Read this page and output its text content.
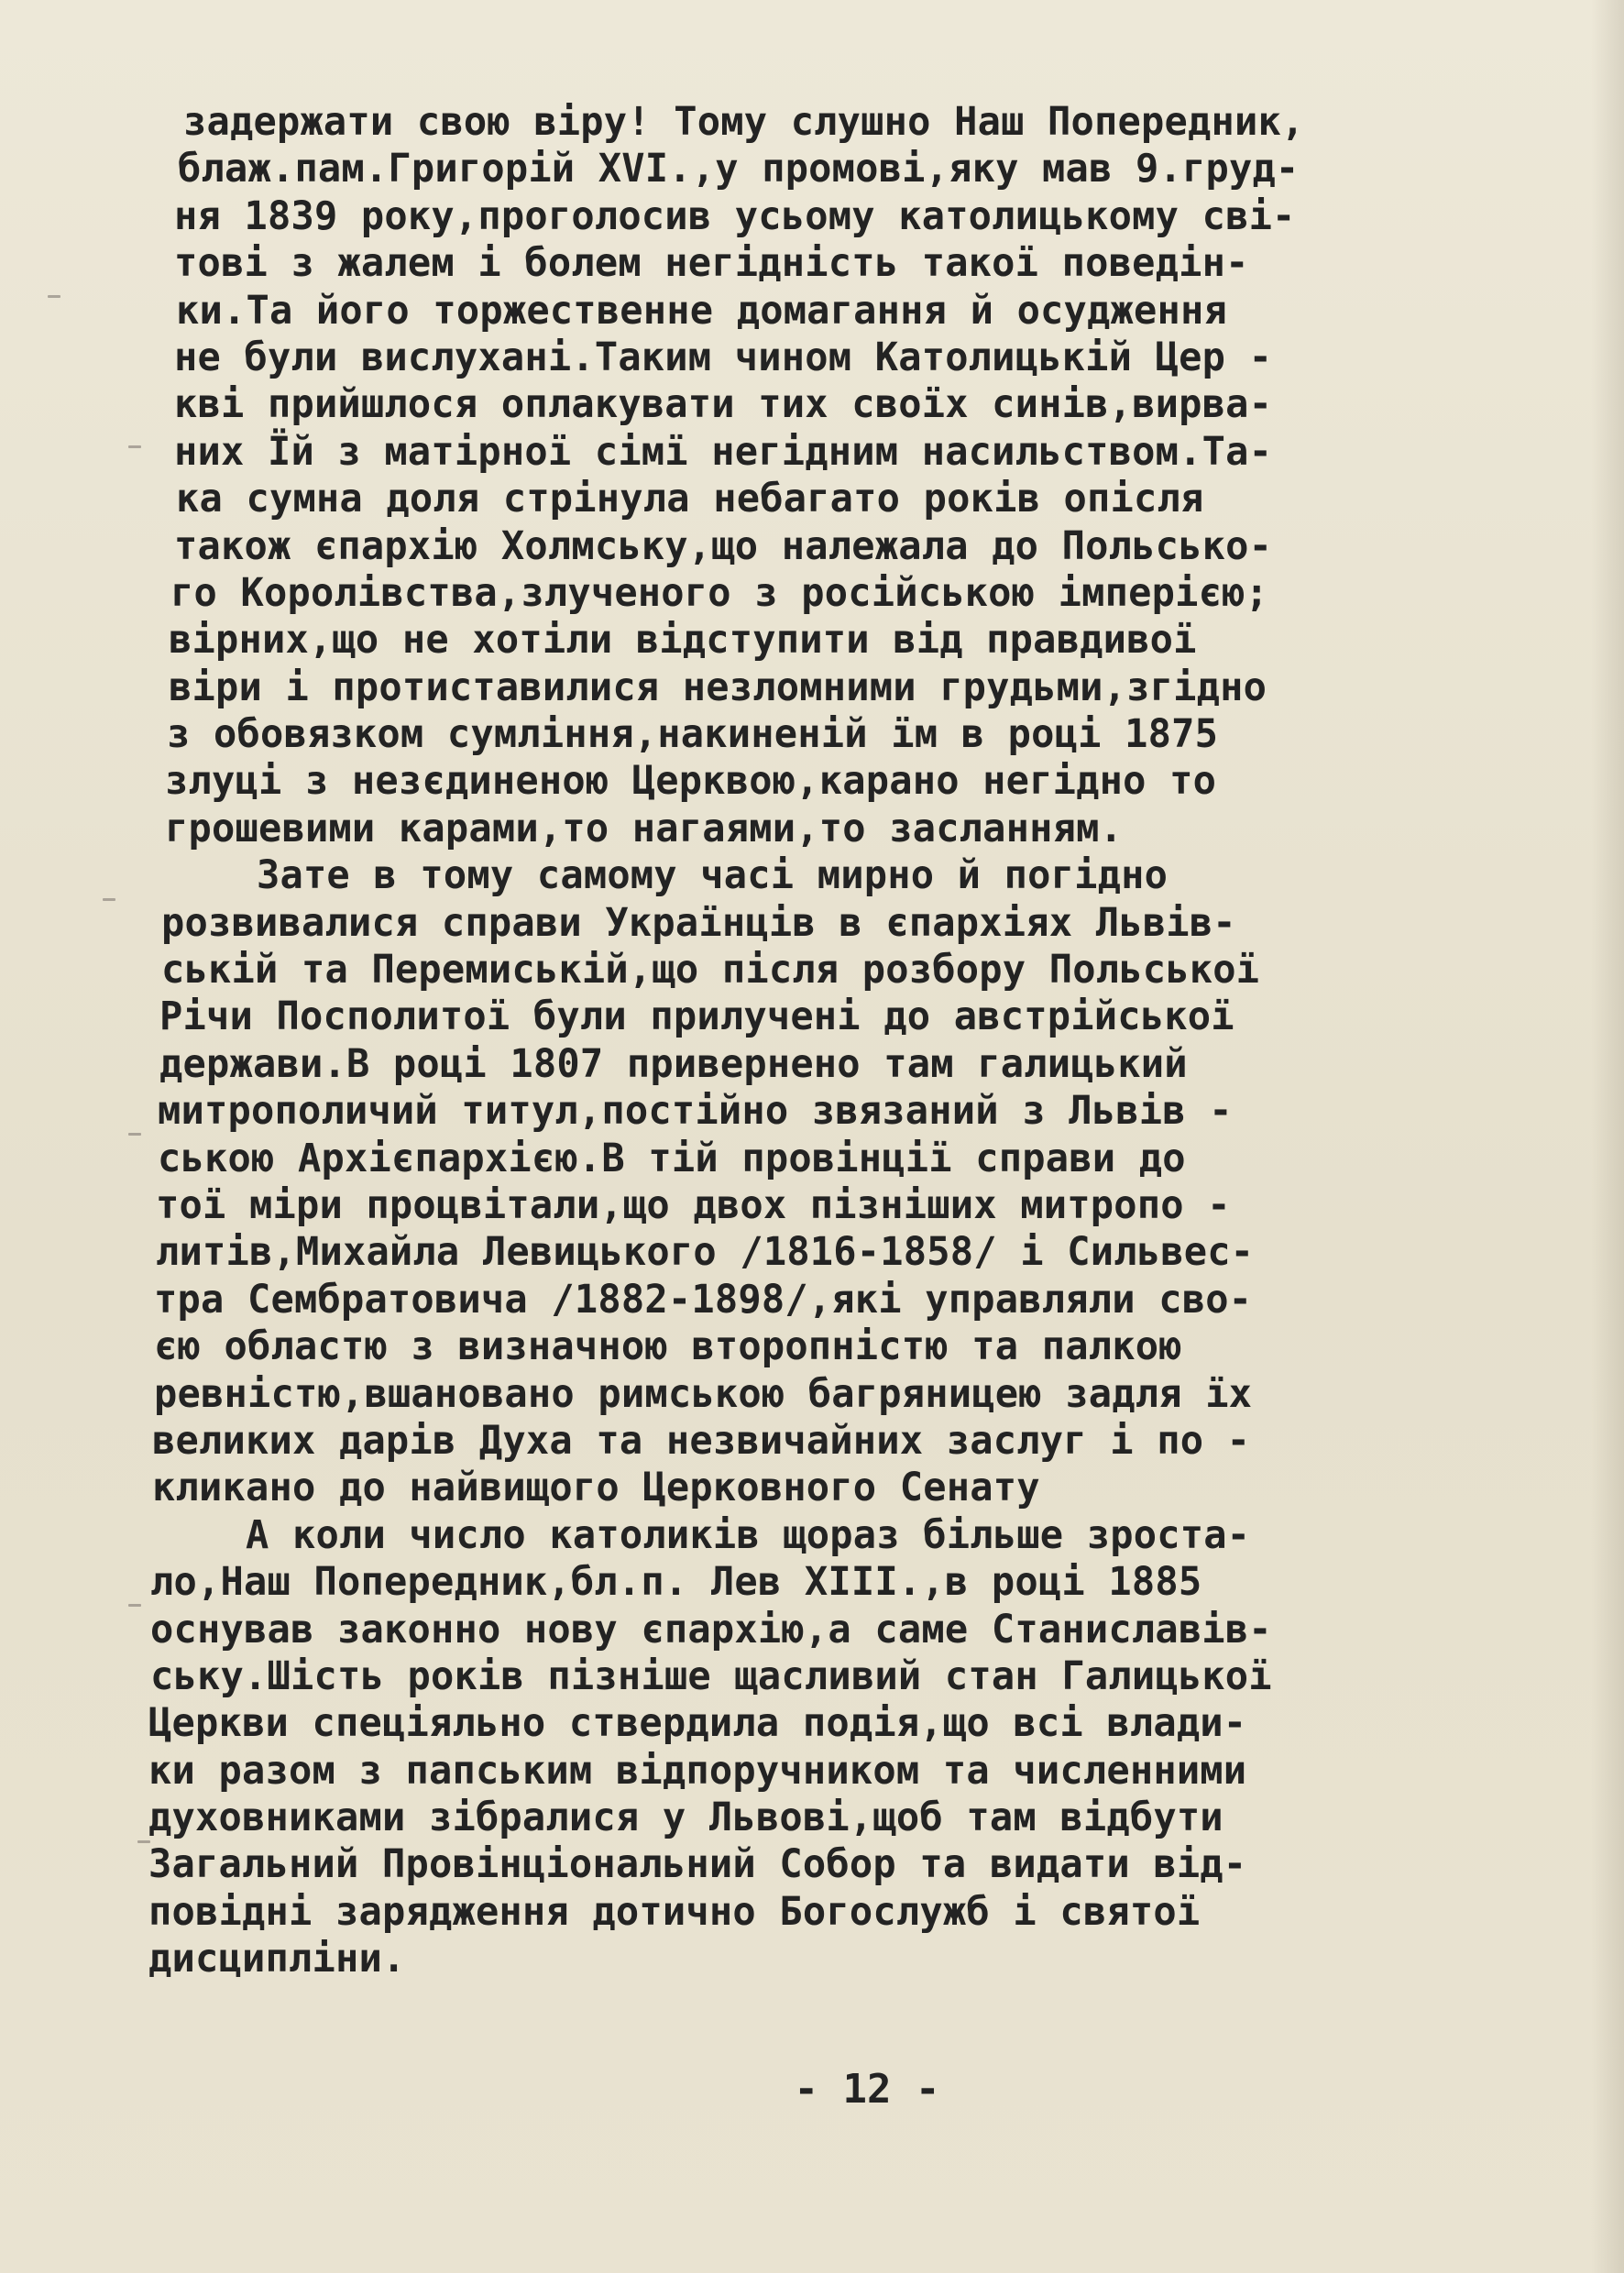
задержати свою віру! Тому слушно Наш Попередник,
блаж.пам.Григорій XVI.,у промові,яку мав 9.груд-
ня 1839 року,проголосив усьому католицькому сві-
тові з жалем і болем негідність такої поведін-
ки.Та його торжественне домагання й осудження
не були вислухані.Таким чином Католицькій Цер -
кві прийшлося оплакувати тих своїх синів,вирва-
них Їй з матірної сімї негідним насильством.Та-
ка сумна доля стрінула небагато років опісля
також єпархію Холмську,що належала до Польсько-
го Королівства,злученого з російською імперією;
вірних,що не хотіли відступити від правдивої
віри і протиставилися незломними грудьми,згідно
з обовязком сумління,накиненій їм в році 1875
злуці з незєдиненою Церквою,карано негідно то
грошевими карами,то нагаями,то засланням.
Зате в тому самому часі мирно й погідно
розвивалися справи Українців в єпархіях Львів-
ській та Перемиській,що після розбору Польської
Річи Посполитої були прилучені до австрійської
держави.В році 1807 привернено там галицький
митрополичий титул,постійно звязаний з Львів -
ською Архієпархією.В тій провінції справи до
тої міри процвітали,що двох пізніших митропо -
литів,Михайла Левицького /1816-1858/ і Сильвес-
тра Сембратовича /1882-1898/,які управляли сво-
єю областю з визначною второпністю та палкою
ревністю,вшановано римською багряницею задля їх
великих дарів Духа та незвичайних заслуг і по -
кликано до найвищого Церковного Сенату
А коли число католиків щораз більше зроста-
ло,Наш Попередник,бл.п. Лев XIII.,в році 1885
оснував законно нову єпархію,а саме Станиславів-
ську.Шість років пізніше щасливий стан Галицької
Церкви спеціяльно ствердила подія,що всі влади-
ки разом з папським відпоручником та численними
духовниками зібралися у Львові,щоб там відбути
Загальний Провінціональний Собор та видати від-
повідні зарядження дотично Богослужб і святої
дисципліни.
- 12 -
